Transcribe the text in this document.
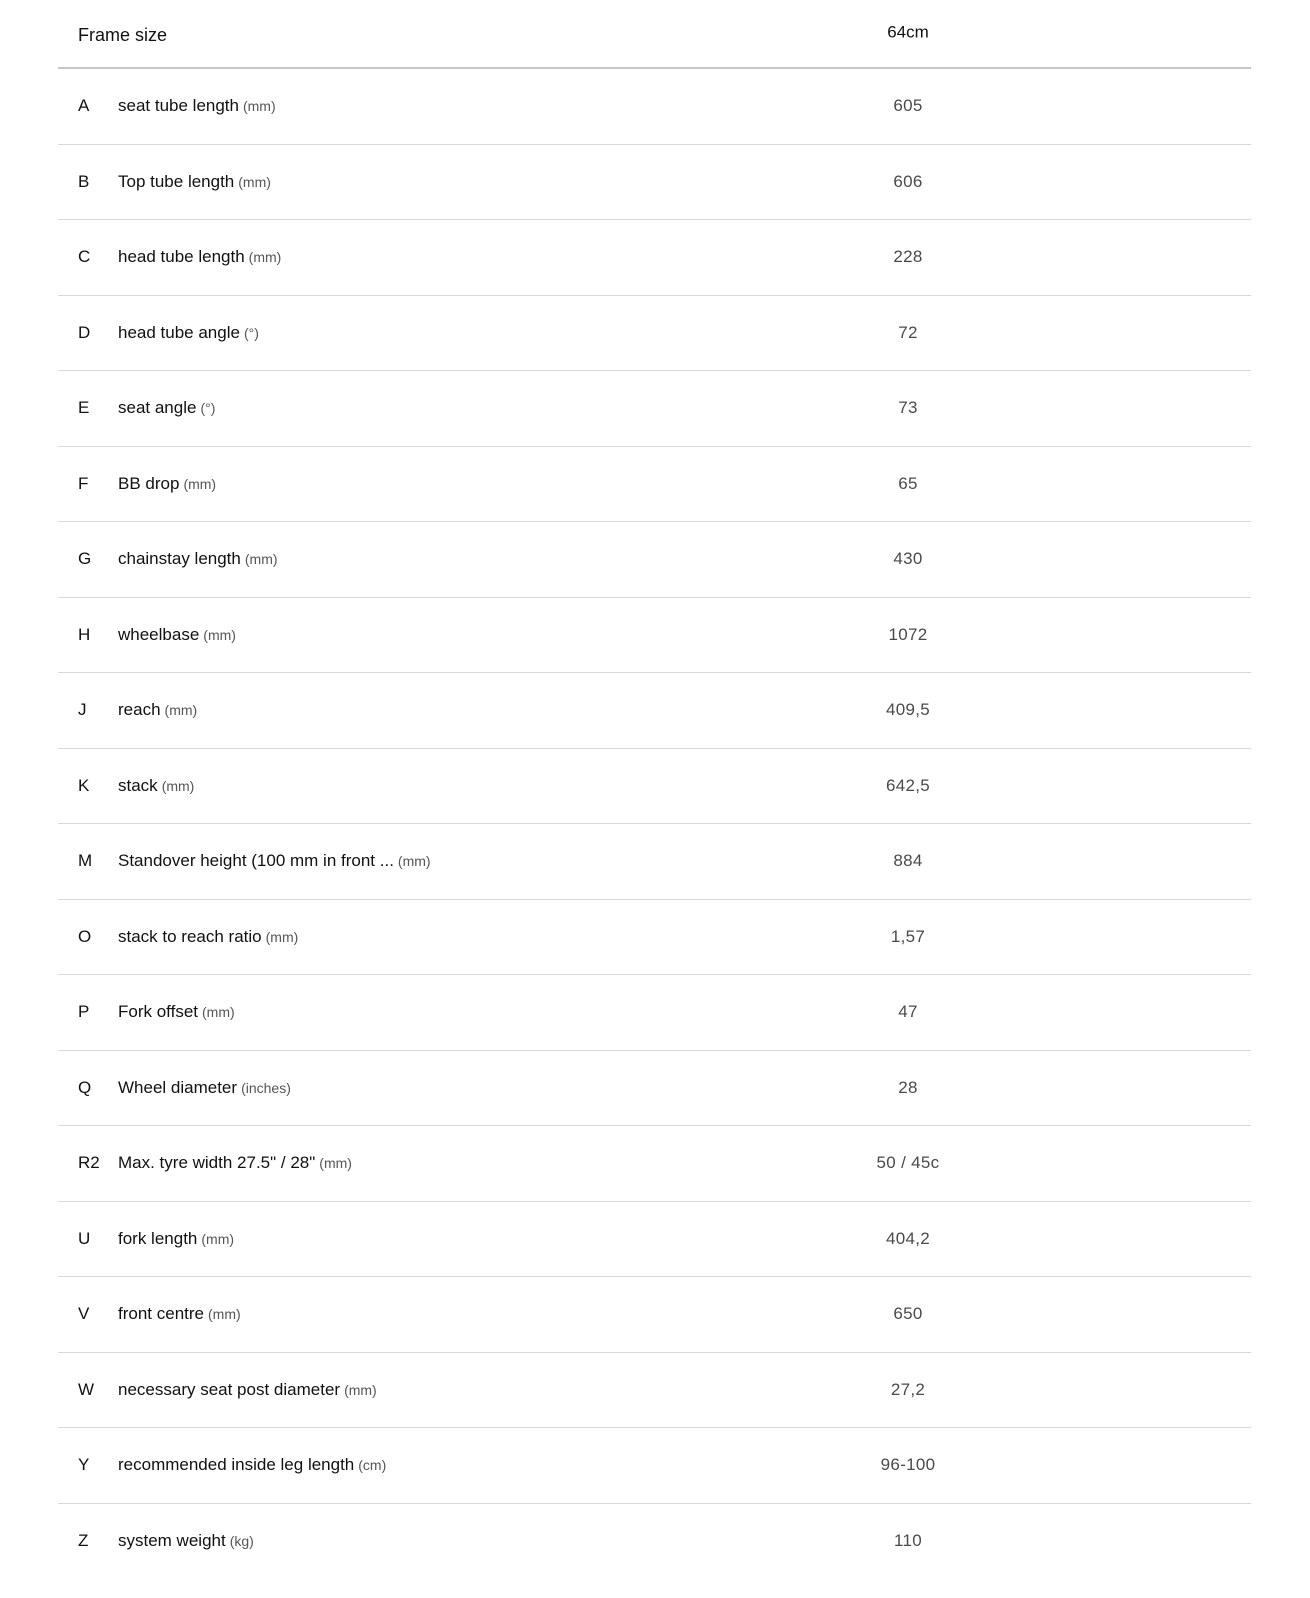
Frame size	64cm
A seat tube length (mm)	605
B Top tube length (mm)	606
C head tube length (mm)	228
D head tube angle (°)	72
E seat angle (°)	73
F BB drop (mm)	65
G chainstay length (mm)	430
H wheelbase (mm)	1072
J reach (mm)	409,5
K stack (mm)	642,5
M Standover height (100 mm in front ... (mm)	884
O stack to reach ratio (mm)	1,57
P Fork offset (mm)	47
Q Wheel diameter (inches)	28
R2 Max. tyre width 27.5" / 28" (mm)	50 / 45c
U fork length (mm)	404,2
V front centre (mm)	650
W necessary seat post diameter (mm)	27,2
Y recommended inside leg length (cm)	96-100
Z system weight (kg)	110
